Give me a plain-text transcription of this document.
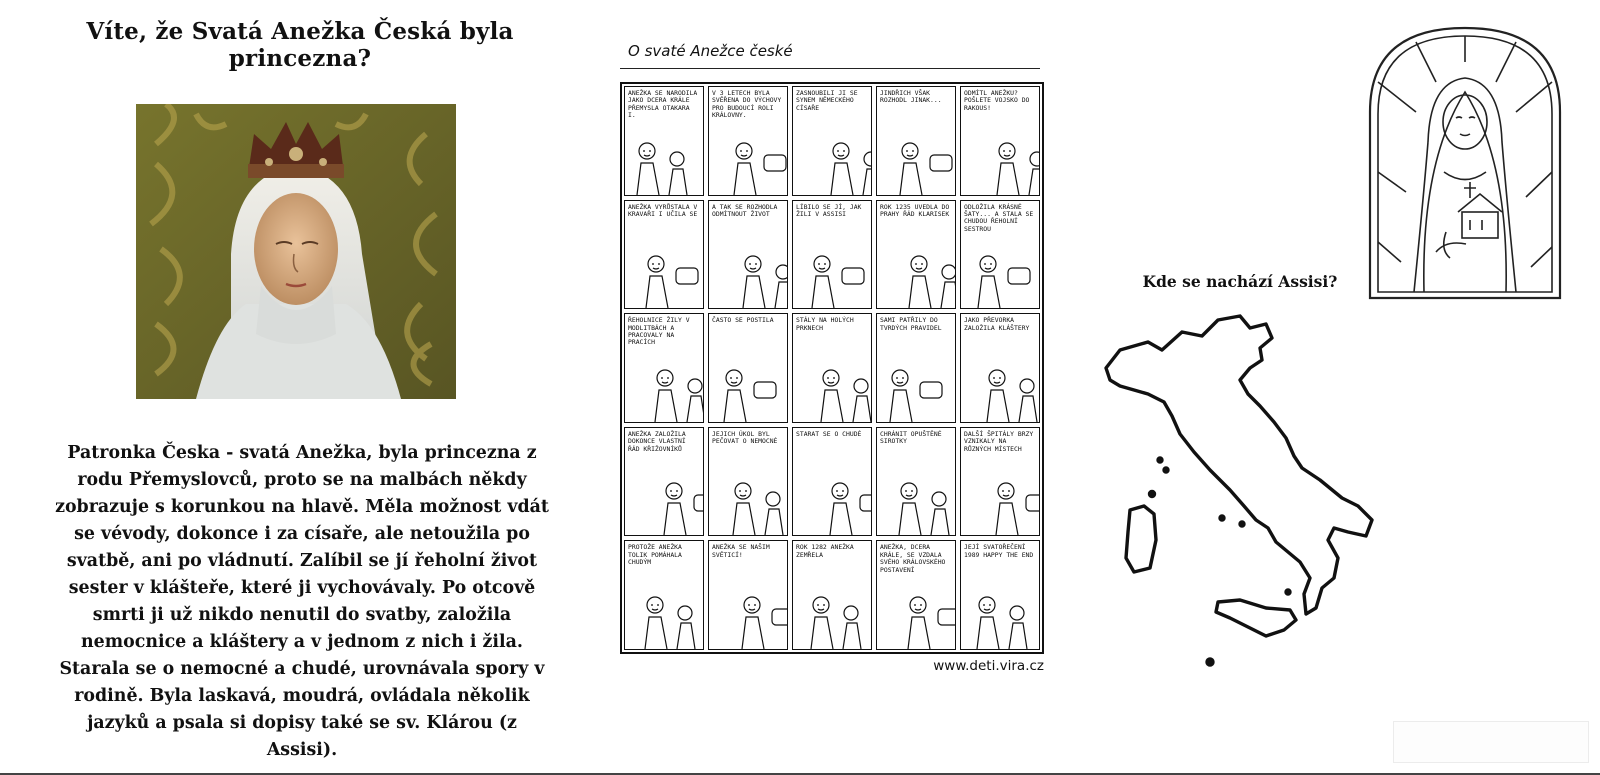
Víte, že Svatá Anežka Česká byla princezna?
Patronka Česka - svatá Anežka, byla princezna z
rodu Přemyslovců, proto se na malbách někdy
zobrazuje s korunkou na hlavě. Měla možnost vdát
se vévody, dokonce i za císaře, ale netoužila po
svatbě, ani po vládnutí. Zalíbil se jí řeholní život
sester v klášteře, které ji vychovávaly. Po otcově
smrti ji už nikdo nenutil do svatby, založila
nemocnice a kláštery a v jednom z nich i žila.
Starala se o nemocné a chudé, urovnávala spory v
rodině. Byla laskavá, moudrá, ovládala několik
jazyků a psala si dopisy také se sv. Klárou (z
Assisi).
O svaté Anežce české
ANEŽKA SE NARODILA JAKO DCERA KRÁLE PŘEMYSLA OTAKARA I.
V 3 LETECH BYLA SVĚŘENA DO VÝCHOVY PRO BUDOUCÍ ROLI KRÁLOVNY.
ZASNOUBILI JI SE SYNEM NĚMECKÉHO CÍSAŘE
JINDŘICH VŠAK ROZHODL JINAK...
ODMÍTL ANEŽKU? POŠLETE VOJSKO DO RAKOUS!
ANEŽKA VYRŮSTALA V KRAVAŘI I UČILA SE
A TAK SE ROZHODLA ODMÍTNOUT ŽIVOT
LÍBILO SE JÍ, JAK ŽILI V ASSISI
ROK 1235 UVEDLA DO PRAHY ŘÁD KLARISEK
ODLOŽILA KRÁSNÉ ŠATY... A STALA SE CHUDOU ŘEHOLNÍ SESTROU
ŘEHOLNICE ŽILY V MODLITBÁCH A PRACOVALY NA PRACÍCH
ČASTO SE POSTILA	STÁLY NA HOLÝCH PRKNECH
SAMI PATŘILY DO TVRDÝCH PRAVIDEL
JAKO PŘEVORKA ZALOŽILA KLÁŠTERY
ANEŽKA ZALOŽILA DOKONCE VLASTNÍ ŘÁD KŘIŽOVNÍKŮ
JEJICH ÚKOL BYL PEČOVAT O NEMOCNÉ
STARAT SE O CHUDÉ	CHRÁNIT OPUŠTĚNÉ SIROTKY
DALŠÍ ŠPITÁLY BRZY VZNIKALY NA RŮZNÝCH MÍSTECH
PROTOŽE ANEŽKA TOLIK POMÁHALA CHUDÝM
ANEŽKA SE NAŠIM SVĚTICÍ!
ROK 1282 ANEŽKA ZEMŘELA
ANEŽKA, DCERA KRÁLE, SE VZDALA SVÉHO KRÁLOVSKÉHO POSTAVENÍ
JEJÍ SVATOŘEČENÍ 1989 HAPPY THE END
www.deti.vira.cz
Kde se nachází Assisi?
